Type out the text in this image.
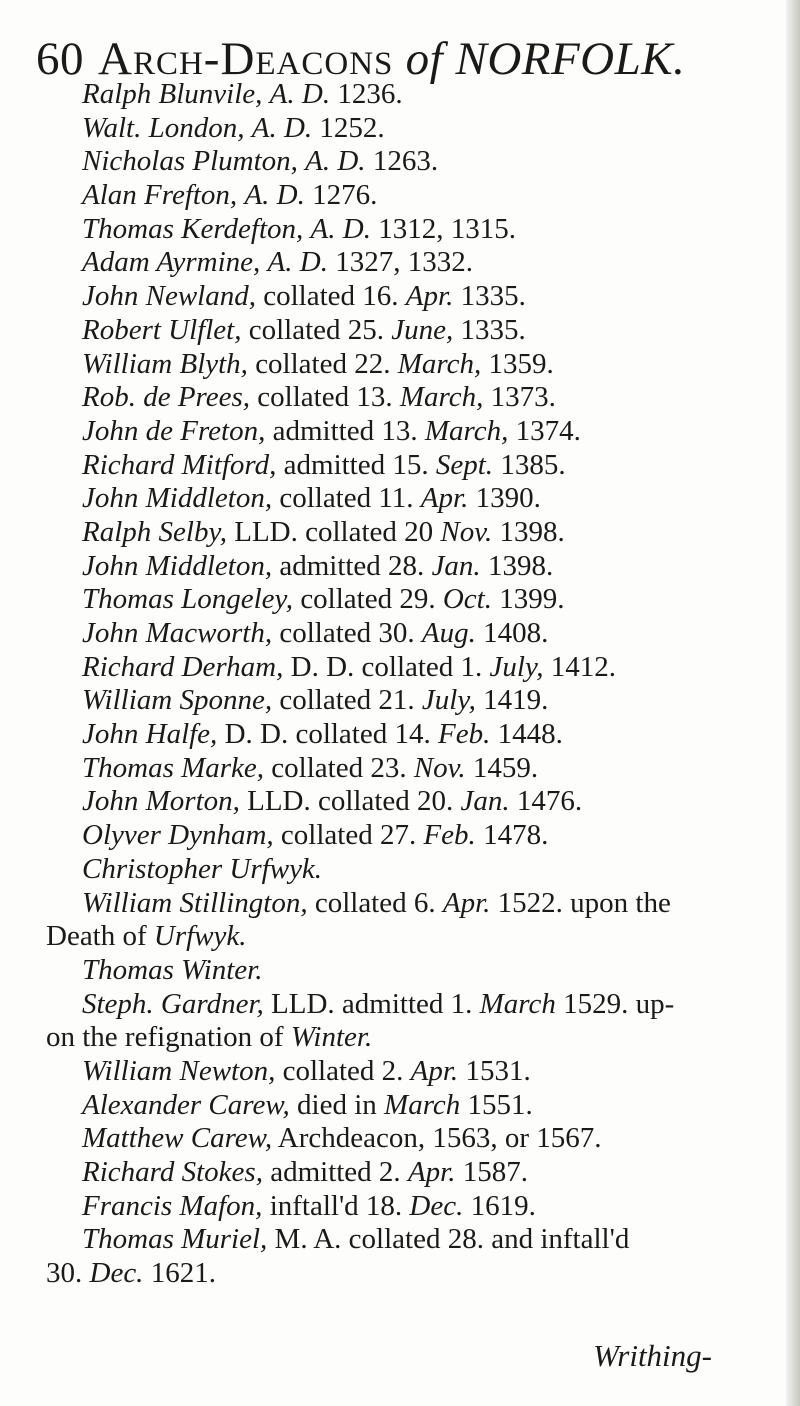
60 Arch-Deacons of NORFOLK.
Ralph Blunvile, A. D. 1236.
Walt. London, A. D. 1252.
Nicholas Plumton, A. D. 1263.
Alan Frefton, A. D. 1276.
Thomas Kerdefton, A. D. 1312, 1315.
Adam Ayrmine, A. D. 1327, 1332.
John Newland, collated 16. Apr. 1335.
Robert Ulflet, collated 25. June, 1335.
William Blyth, collated 22. March, 1359.
Rob. de Prees, collated 13. March, 1373.
John de Freton, admitted 13. March, 1374.
Richard Mitford, admitted 15. Sept. 1385.
John Middleton, collated 11. Apr. 1390.
Ralph Selby, LLD. collated 20 Nov. 1398.
John Middleton, admitted 28. Jan. 1398.
Thomas Longeley, collated 29. Oct. 1399.
John Macworth, collated 30. Aug. 1408.
Richard Derham, D. D. collated 1. July, 1412.
William Sponne, collated 21. July, 1419.
John Halfe, D. D. collated 14. Feb. 1448.
Thomas Marke, collated 23. Nov. 1459.
John Morton, LLD. collated 20. Jan. 1476.
Olyver Dynham, collated 27. Feb. 1478.
Christopher Urfwyk.
William Stillington, collated 6. Apr. 1522. upon the
Death of Urfwyk.
Thomas Winter.
Steph. Gardner, LLD. admitted 1. March 1529. up-
on the refignation of Winter.
William Newton, collated 2. Apr. 1531.
Alexander Carew, died in March 1551.
Matthew Carew, Archdeacon, 1563, or 1567.
Richard Stokes, admitted 2. Apr. 1587.
Francis Mafon, inftall'd 18. Dec. 1619.
Thomas Muriel, M. A. collated 28. and inftall'd
30. Dec. 1621.
Writhing-
